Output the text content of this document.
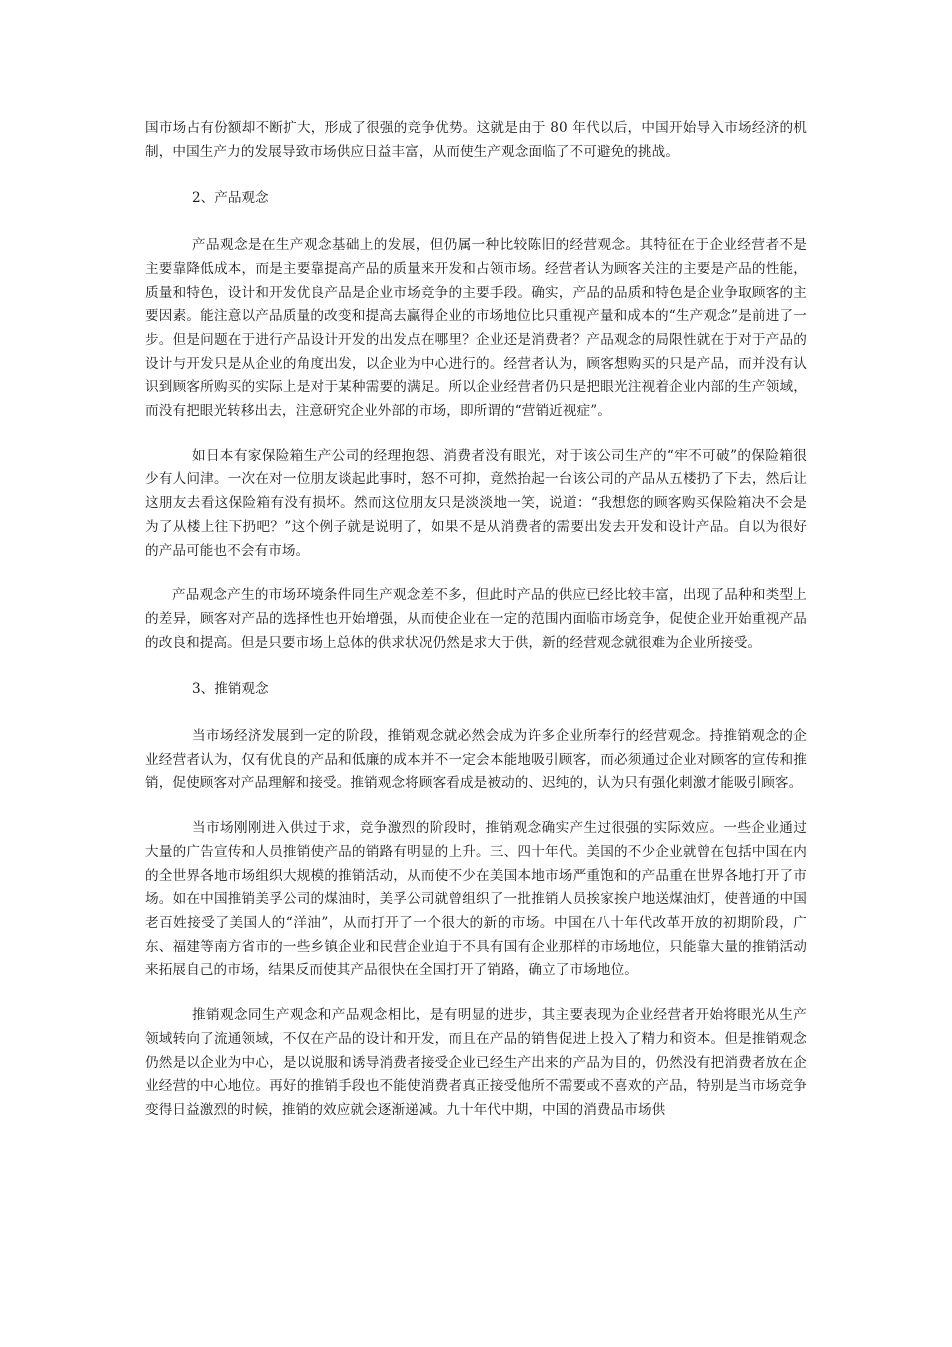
国市场占有份额却不断扩大，形成了很强的竞争优势。这就是由于 80 年代以后，中国开始导入市场经济的机制，中国生产力的发展导致市场供应日益丰富，从而使生产观念面临了不可避免的挑战。

2、产品观念

产品观念是在生产观念基础上的发展，但仍属一种比较陈旧的经营观念。其特征在于企业经营者不是主要靠降低成本，而是主要靠提高产品的质量来开发和占领市场。经营者认为顾客关注的主要是产品的性能，质量和特色，设计和开发优良产品是企业市场竞争的主要手段。确实，产品的品质和特色是企业争取顾客的主要因素。能注意以产品质量的改变和提高去赢得企业的市场地位比只重视产量和成本的“生产观念”是前进了一步。但是问题在于进行产品设计开发的出发点在哪里？企业还是消费者？产品观念的局限性就在于对于产品的设计与开发只是从企业的角度出发，以企业为中心进行的。经营者认为，顾客想购买的只是产品，而并没有认识到顾客所购买的实际上是对于某种需要的满足。所以企业经营者仍只是把眼光注视着企业内部的生产领域，而没有把眼光转移出去，注意研究企业外部的市场，即所谓的“营销近视症”。

如日本有家保险箱生产公司的经理抱怨、消费者没有眼光，对于该公司生产的“牢不可破”的保险箱很少有人问津。一次在对一位朋友谈起此事时，怒不可抑，竟然抬起一台该公司的产品从五楼扔了下去，然后让这朋友去看这保险箱有没有损坏。然而这位朋友只是淡淡地一笑，说道：“我想您的顾客购买保险箱决不会是为了从楼上往下扔吧？”这个例子就是说明了，如果不是从消费者的需要出发去开发和设计产品。自以为很好的产品可能也不会有市场。

产品观念产生的市场环境条件同生产观念差不多，但此时产品的供应已经比较丰富，出现了品种和类型上的差异，顾客对产品的选择性也开始增强，从而使企业在一定的范围内面临市场竞争，促使企业开始重视产品的改良和提高。但是只要市场上总体的供求状况仍然是求大于供，新的经营观念就很难为企业所接受。

3、推销观念

当市场经济发展到一定的阶段，推销观念就必然会成为许多企业所奉行的经营观念。持推销观念的企业经营者认为，仅有优良的产品和低廉的成本并不一定会本能地吸引顾客，而必须通过企业对顾客的宣传和推销，促使顾客对产品理解和接受。推销观念将顾客看成是被动的、迟纯的，认为只有强化刺激才能吸引顾客。

当市场刚刚进入供过于求，竞争激烈的阶段时，推销观念确实产生过很强的实际效应。一些企业通过大量的广告宣传和人员推销使产品的销路有明显的上升。三、四十年代。美国的不少企业就曾在包括中国在内的全世界各地市场组织大规模的推销活动，从而使不少在美国本地市场严重饱和的产品重在世界各地打开了市场。如在中国推销美孚公司的煤油时，美孚公司就曾组织了一批推销人员挨家挨户地送煤油灯，使普通的中国老百姓接受了美国人的“洋油”，从而打开了一个很大的新的市场。中国在八十年代改革开放的初期阶段，广东、福建等南方省市的一些乡镇企业和民营企业迫于不具有国有企业那样的市场地位，只能靠大量的推销活动来拓展自己的市场，结果反而使其产品很快在全国打开了销路，确立了市场地位。

推销观念同生产观念和产品观念相比，是有明显的进步，其主要表现为企业经营者开始将眼光从生产领域转向了流通领域，不仅在产品的设计和开发，而且在产品的销售促进上投入了精力和资本。但是推销观念仍然是以企业为中心，是以说服和诱导消费者接受企业已经生产出来的产品为目的，仍然没有把消费者放在企业经营的中心地位。再好的推销手段也不能使消费者真正接受他所不需要或不喜欢的产品，特别是当市场竞争变得日益激烈的时候，推销的效应就会逐渐递减。九十年代中期，中国的消费品市场供
